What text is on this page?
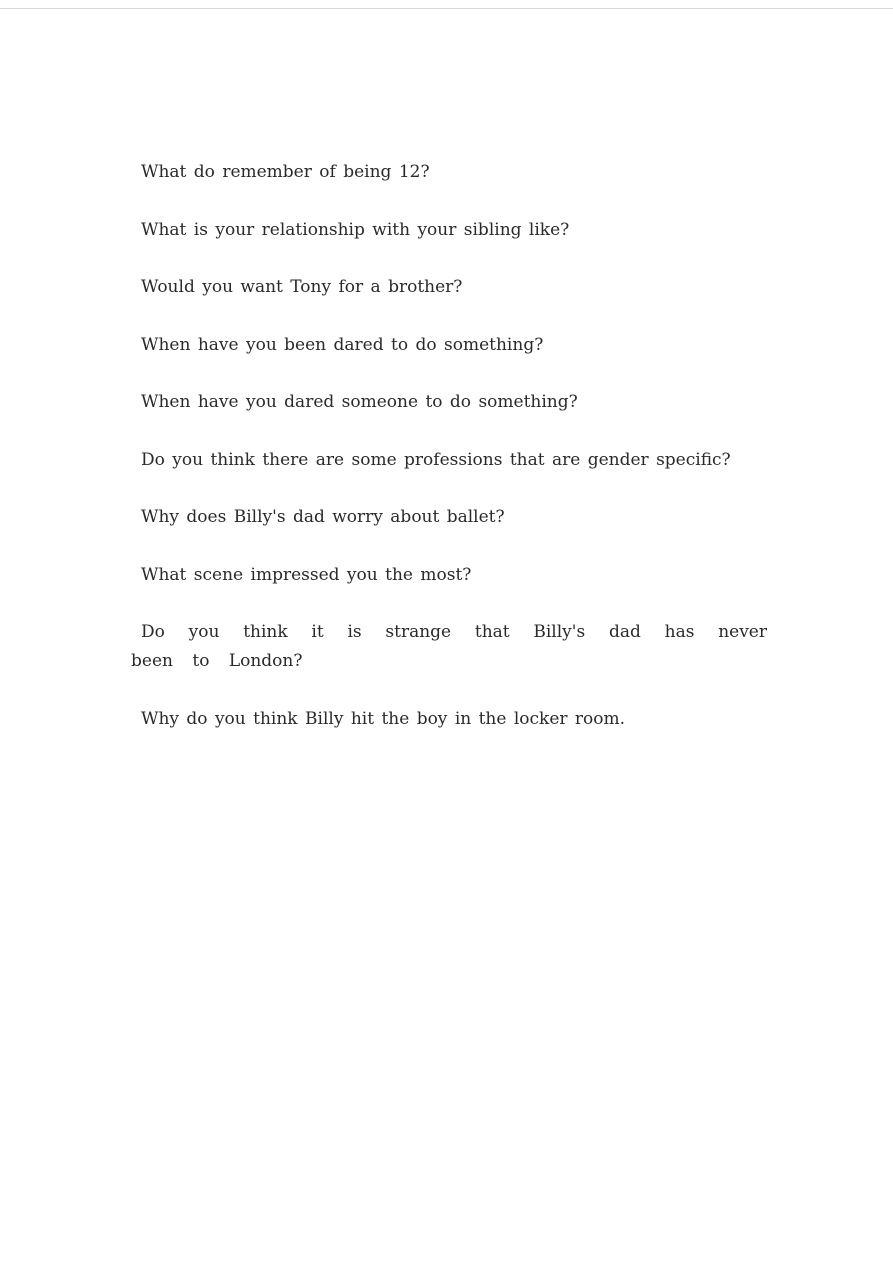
What do remember of being 12?
What is your relationship with your sibling like?
Would you want Tony for a brother?
When have you been dared to do something?
When have you dared someone to do something?
Do you think there are some professions that are gender specific?
Why does Billy's dad worry about ballet?
What scene impressed you the most?
Do you think it is strange that Billy's dad has never been to London?
Why do you think Billy hit the boy in the locker room.
